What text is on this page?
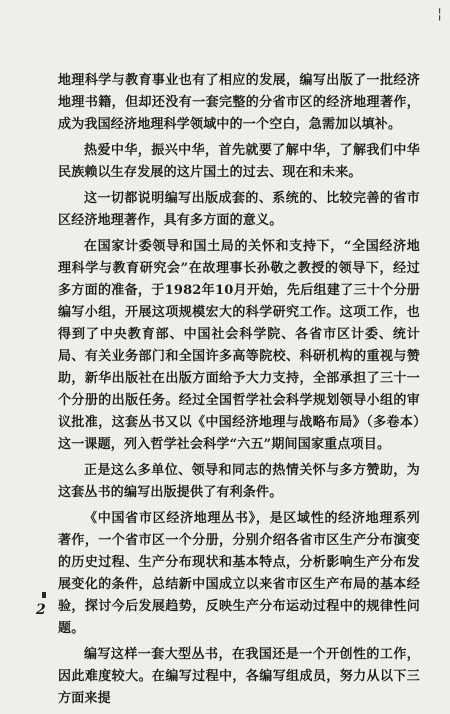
¦

地理科学与教育事业也有了相应的发展，编写出版了一批经济地理书籍，但却还没有一套完整的分省市区的经济地理著作，成为我国经济地理科学领域中的一个空白，急需加以填补。

热爱中华，振兴中华，首先就要了解中华，了解我们中华民族赖以生存发展的这片国土的过去、现在和未来。

这一切都说明编写出版成套的、系统的、比较完善的省市区经济地理著作，具有多方面的意义。

在国家计委领导和国土局的关怀和支持下，“全国经济地理科学与教育研究会”在故理事长孙敬之教授的领导下，经过多方面的准备，于1982年10月开始，先后组建了三十个分册编写小组，开展这项规模宏大的科学研究工作。这项工作，也得到了中央教育部、中国社会科学院、各省市区计委、统计局、有关业务部门和全国许多高等院校、科研机构的重视与赞助，新华出版社在出版方面给予大力支持，全部承担了三十一个分册的出版任务。经过全国哲学社会科学规划领导小组的审议批准，这套丛书又以《中国经济地理与战略布局》（多卷本）这一课题，列入哲学社会科学“六五”期间国家重点项目。

正是这么多单位、领导和同志的热情关怀与多方赞助，为这套丛书的编写出版提供了有利条件。

《中国省市区经济地理丛书》，是区域性的经济地理系列著作，一个省市区一个分册，分别介绍各省市区生产分布演变的历史过程、生产分布现状和基本特点，分析影响生产分布发展变化的条件，总结新中国成立以来省市区生产布局的基本经验，探讨今后发展趋势，反映生产分布运动过程中的规律性问题。

编写这样一套大型丛书，在我国还是一个开创性的工作，因此难度较大。在编写过程中，各编写组成员，努力从以下三方面来提

2
